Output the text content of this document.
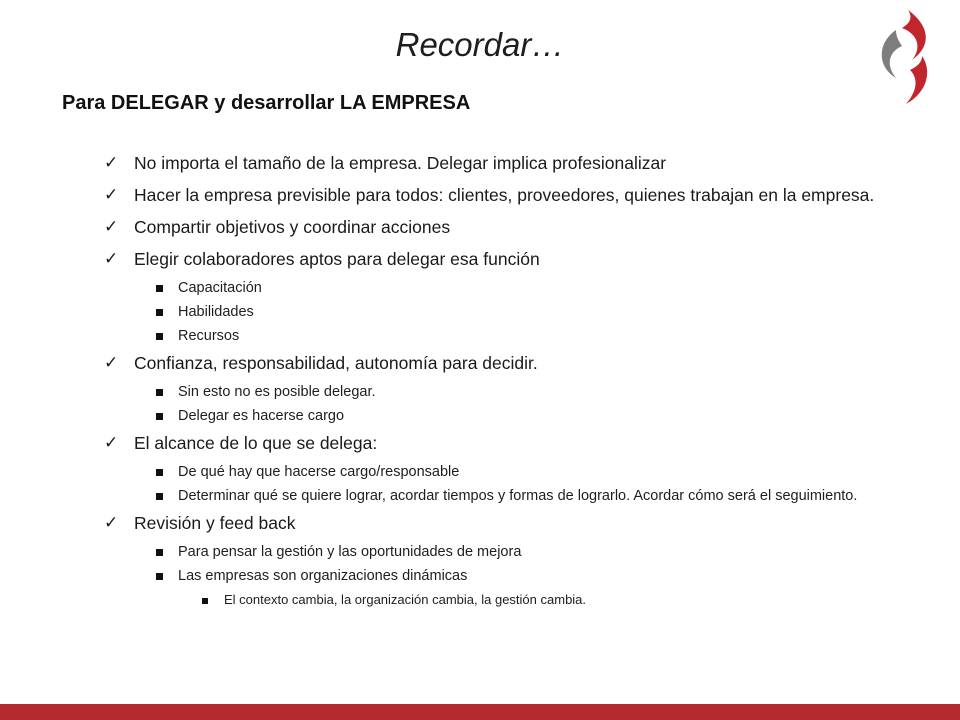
Recordar…
Para DELEGAR y desarrollar LA EMPRESA
✓ No importa el tamaño de la empresa. Delegar implica profesionalizar
✓ Hacer la empresa previsible para todos: clientes, proveedores, quienes trabajan en la empresa.
✓ Compartir objetivos y coordinar acciones
✓ Elegir colaboradores aptos para delegar esa función
Capacitación
Habilidades
Recursos
✓ Confianza, responsabilidad, autonomía para decidir.
Sin esto no es posible delegar.
Delegar es hacerse cargo
✓ El alcance de lo que se delega:
De qué hay que hacerse cargo/responsable
Determinar qué se quiere lograr, acordar tiempos y formas de lograrlo. Acordar cómo será el seguimiento.
✓ Revisión y feed back
Para pensar la gestión y las oportunidades de mejora
Las empresas son organizaciones dinámicas
El contexto cambia, la organización cambia, la gestión cambia.
